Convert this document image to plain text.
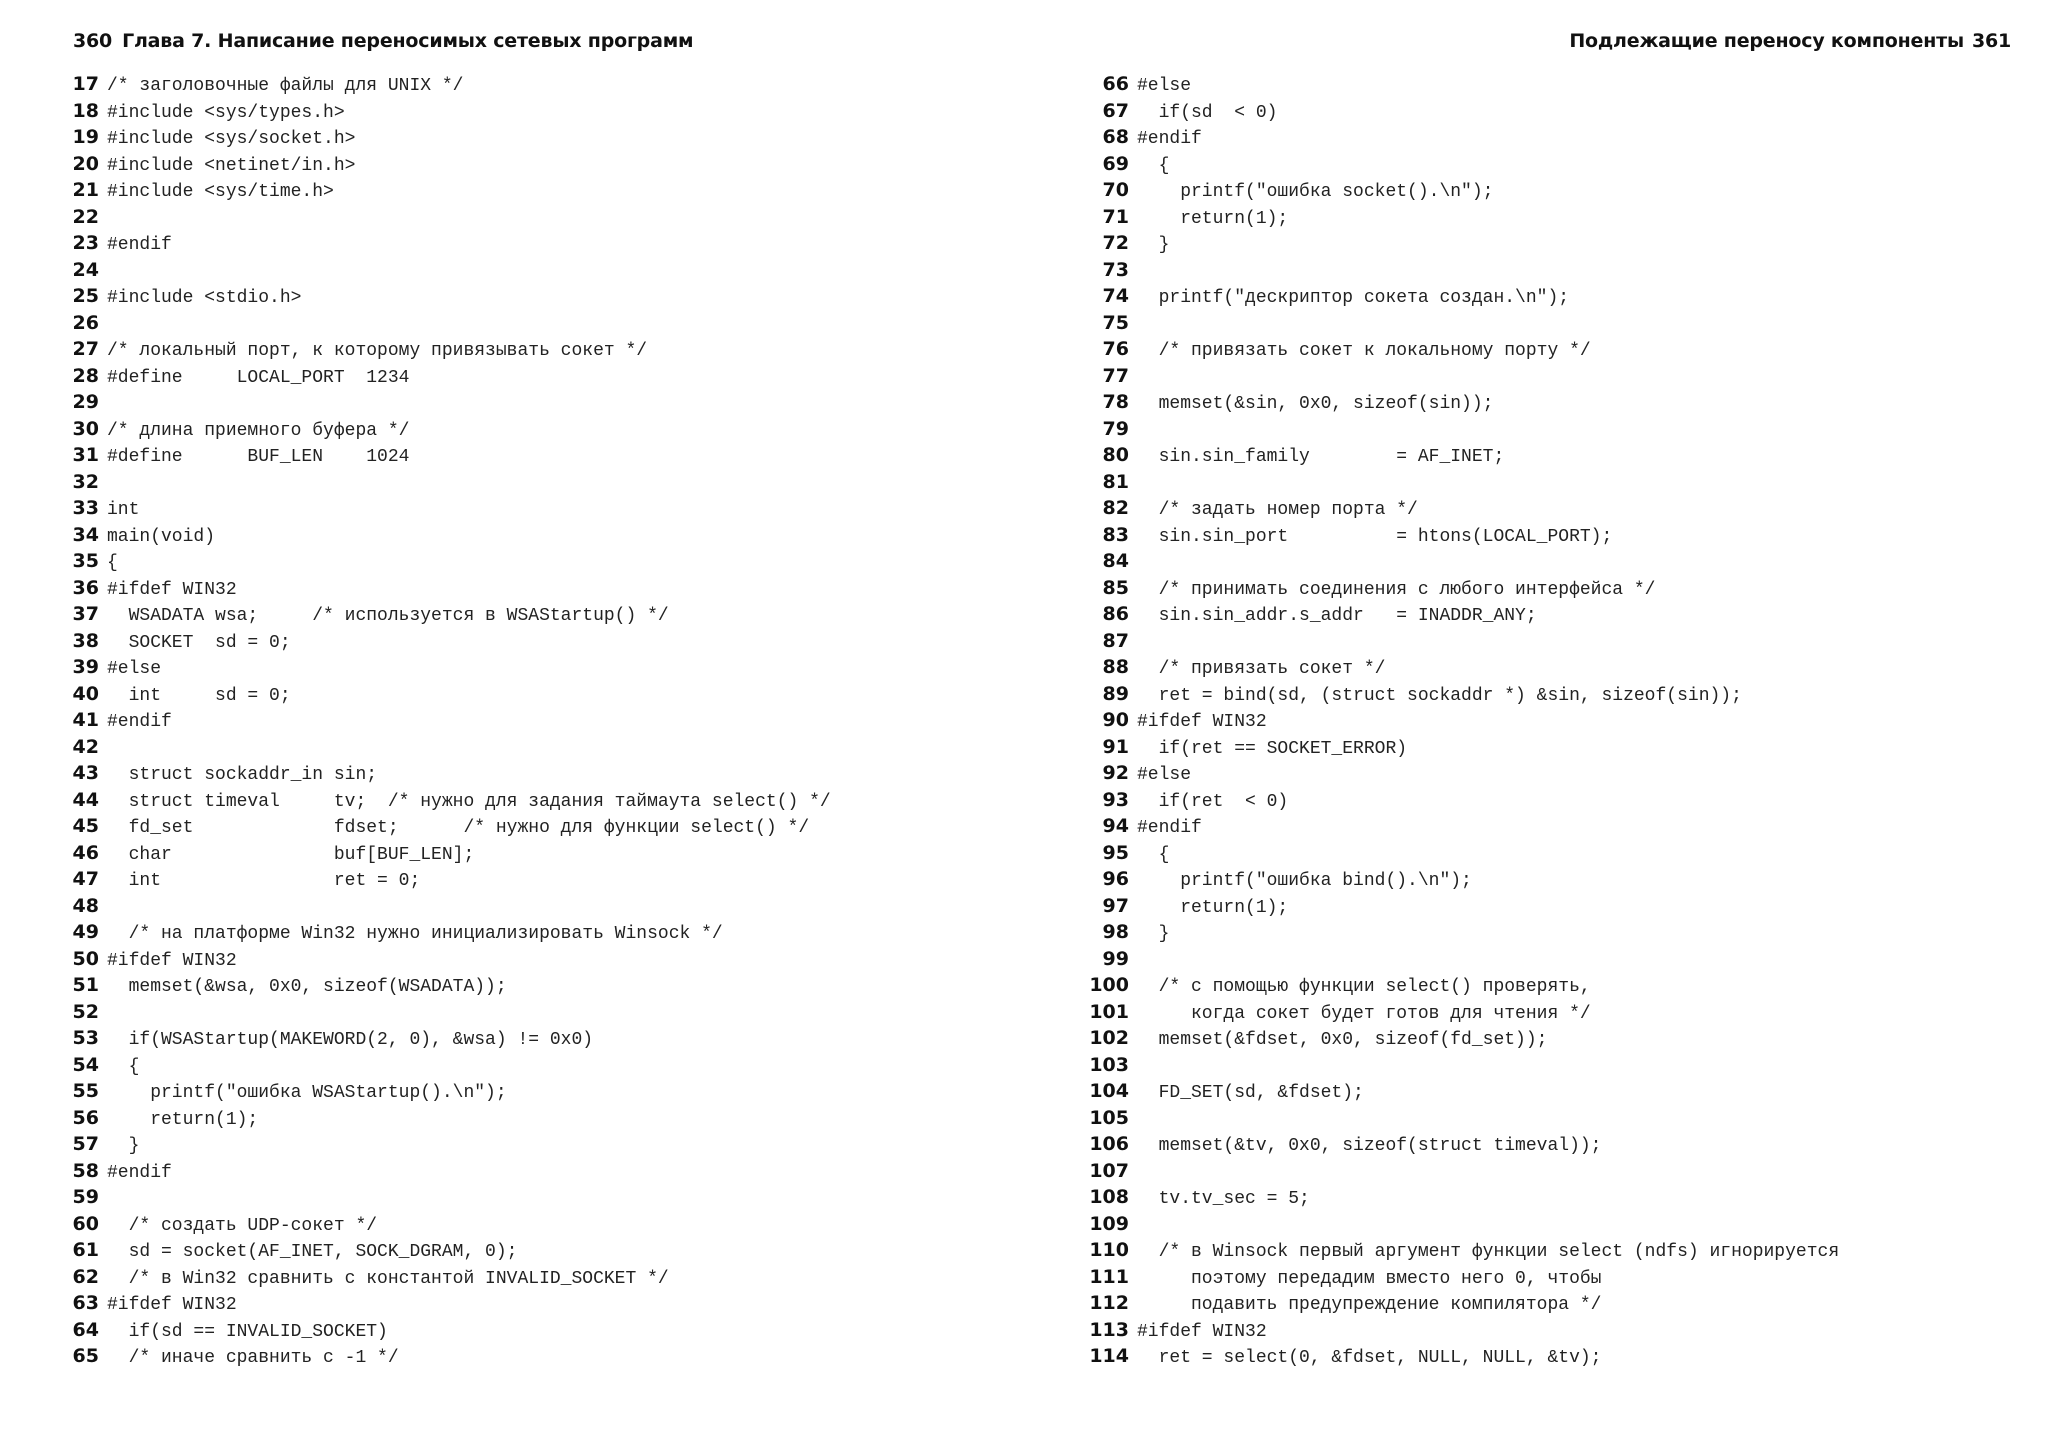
360 Глава 7. Написание переносимых сетевых программ
17 /* заголовочные файлы для UNIX */
18 #include <sys/types.h>
19 #include <sys/socket.h>
20 #include <netinet/in.h>
21 #include <sys/time.h>
22
23 #endif
24
25 #include <stdio.h>
26
27 /* локальный порт, к которому привязывать сокет */
28 #define     LOCAL_PORT  1234
29
30 /* длина приемного буфера */
31 #define      BUF_LEN    1024
32
33 int
34 main(void)
35 {
36 #ifdef WIN32
37 WSADATA wsa;     /* используется в WSAStartup() */
38 SOCKET  sd = 0;
39 #else
40 int     sd = 0;
41 #endif
42
43 struct sockaddr_in sin;
44 struct timeval     tv;  /* нужно для задания таймаута select() */
45 fd_set             fdset;      /* нужно для функции select() */
46 char               buf[BUF_LEN];
47 int                ret = 0;
48
49 /* на платформе Win32 нужно инициализировать Winsock */
50 #ifdef WIN32
51 memset(&wsa, 0x0, sizeof(WSADATA));
52
53 if(WSAStartup(MAKEWORD(2, 0), &wsa) != 0x0)
54 {
55 printf("ошибка WSAStartup().\n");
56 return(1);
57 }
58 #endif
59
60 /* создать UDP-сокет */
61 sd = socket(AF_INET, SOCK_DGRAM, 0);
62 /* в Win32 сравнить с константой INVALID_SOCKET */
63 #ifdef WIN32
64 if(sd == INVALID_SOCKET)
65 /* иначе сравнить с -1 */
Подлежащие переносу компоненты 361
66 #else
67 if(sd  < 0)
68 #endif
69 {
70 printf("ошибка socket().\n");
71 return(1);
72 }
73
74 printf("дескриптор сокета создан.\n");
75
76 /* привязать сокет к локальному порту */
77
78 memset(&sin, 0x0, sizeof(sin));
79
80 sin.sin_family        = AF_INET;
81
82 /* задать номер порта */
83 sin.sin_port          = htons(LOCAL_PORT);
84
85 /* принимать соединения с любого интерфейса */
86 sin.sin_addr.s_addr   = INADDR_ANY;
87
88 /* привязать сокет */
89 ret = bind(sd, (struct sockaddr *) &sin, sizeof(sin));
90 #ifdef WIN32
91 if(ret == SOCKET_ERROR)
92 #else
93 if(ret  < 0)
94 #endif
95 {
96 printf("ошибка bind().\n");
97 return(1);
98 }
99
100 /* с помощью функции select() проверять,
101 когда сокет будет готов для чтения */
102 memset(&fdset, 0x0, sizeof(fd_set));
103
104 FD_SET(sd, &fdset);
105
106 memset(&tv, 0x0, sizeof(struct timeval));
107
108 tv.tv_sec = 5;
109
110 /* в Winsock первый аргумент функции select (ndfs) игнорируется
111 поэтому передадим вместо него 0, чтобы
112 подавить предупреждение компилятора */
113 #ifdef WIN32
114 ret = select(0, &fdset, NULL, NULL, &tv);
